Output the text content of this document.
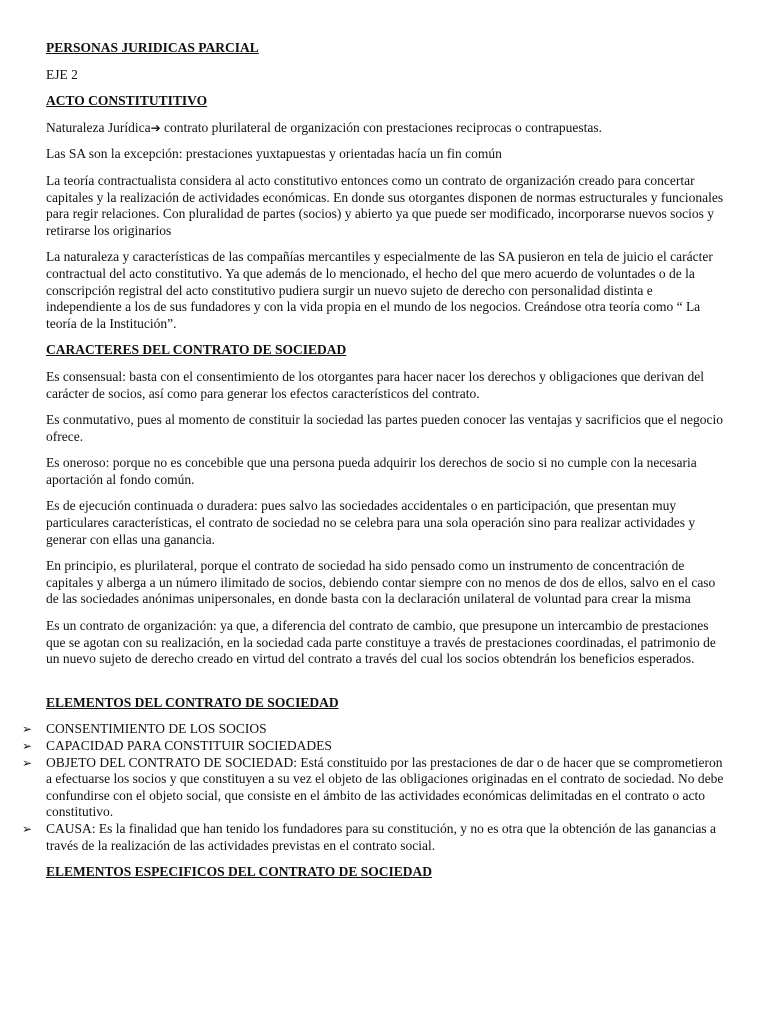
PERSONAS JURIDICAS PARCIAL

EJE 2

ACTO CONSTITUTITIVO

Naturaleza Jurídica➔ contrato plurilateral de organización con prestaciones reciprocas o contrapuestas.

Las SA son la excepción: prestaciones yuxtapuestas y orientadas hacía un fin común

La teoría contractualista considera al acto constitutivo entonces como un contrato de organización creado para concertar capitales y la realización de actividades económicas. En donde sus otorgantes disponen de normas estructurales y funcionales para regir relaciones. Con pluralidad de partes (socios) y abierto ya que puede ser modificado, incorporarse nuevos socios y retirarse los originarios

La naturaleza y características de las compañías mercantiles y especialmente de las SA pusieron en tela de juicio el carácter contractual del acto constitutivo. Ya que además de lo mencionado, el hecho del que mero acuerdo de voluntades o de la conscripción registral del acto constitutivo pudiera surgir un nuevo sujeto de derecho con personalidad distinta e independiente a los de sus fundadores y con la vida propia en el mundo de los negocios. Creándose otra teoría como “ La teoría de la Institución”.

CARACTERES DEL CONTRATO DE SOCIEDAD

Es consensual: basta con el consentimiento de los otorgantes para hacer nacer los derechos y obligaciones que derivan del carácter de socios, así como para generar los efectos característicos del contrato.

Es conmutativo, pues al momento de constituir la sociedad las partes pueden conocer las ventajas y sacrificios que el negocio ofrece.

Es oneroso: porque no es concebible que una persona pueda adquirir los derechos de socio si no cumple con la necesaria aportación al fondo común.

Es de ejecución continuada o duradera: pues salvo las sociedades accidentales o en participación, que presentan muy particulares características, el contrato de sociedad no se celebra para una sola operación sino para realizar actividades y generar con ellas una ganancia.

En principio, es plurilateral, porque el contrato de sociedad ha sido pensado como un instrumento de concentración de capitales y alberga a un número ilimitado de socios, debiendo contar siempre con no menos de dos de ellos, salvo en el caso de las sociedades anónimas unipersonales, en donde basta con la declaración unilateral de voluntad para crear la misma

Es un contrato de organización: ya que, a diferencia del contrato de cambio, que presupone un intercambio de prestaciones que se agotan con su realización, en la sociedad cada parte constituye a través de prestaciones coordinadas, el patrimonio de un nuevo sujeto de derecho creado en virtud del contrato a través del cual los socios obtendrán los beneficios esperados.

ELEMENTOS DEL CONTRATO DE SOCIEDAD

➢ CONSENTIMIENTO DE LOS SOCIOS
➢ CAPACIDAD PARA CONSTITUIR SOCIEDADES
➢ OBJETO DEL CONTRATO DE SOCIEDAD: Está constituido por las prestaciones de dar o de hacer que se comprometieron a efectuarse los socios y que constituyen a su vez el objeto de las obligaciones originadas en el contrato de sociedad. No debe confundirse con el objeto social, que consiste en el ámbito de las actividades económicas delimitadas en el contrato o acto constitutivo.
➢ CAUSA: Es la finalidad que han tenido los fundadores para su constitución, y no es otra que la obtención de las ganancias a través de la realización de las actividades previstas en el contrato social.

ELEMENTOS ESPECIFICOS DEL CONTRATO DE SOCIEDAD
